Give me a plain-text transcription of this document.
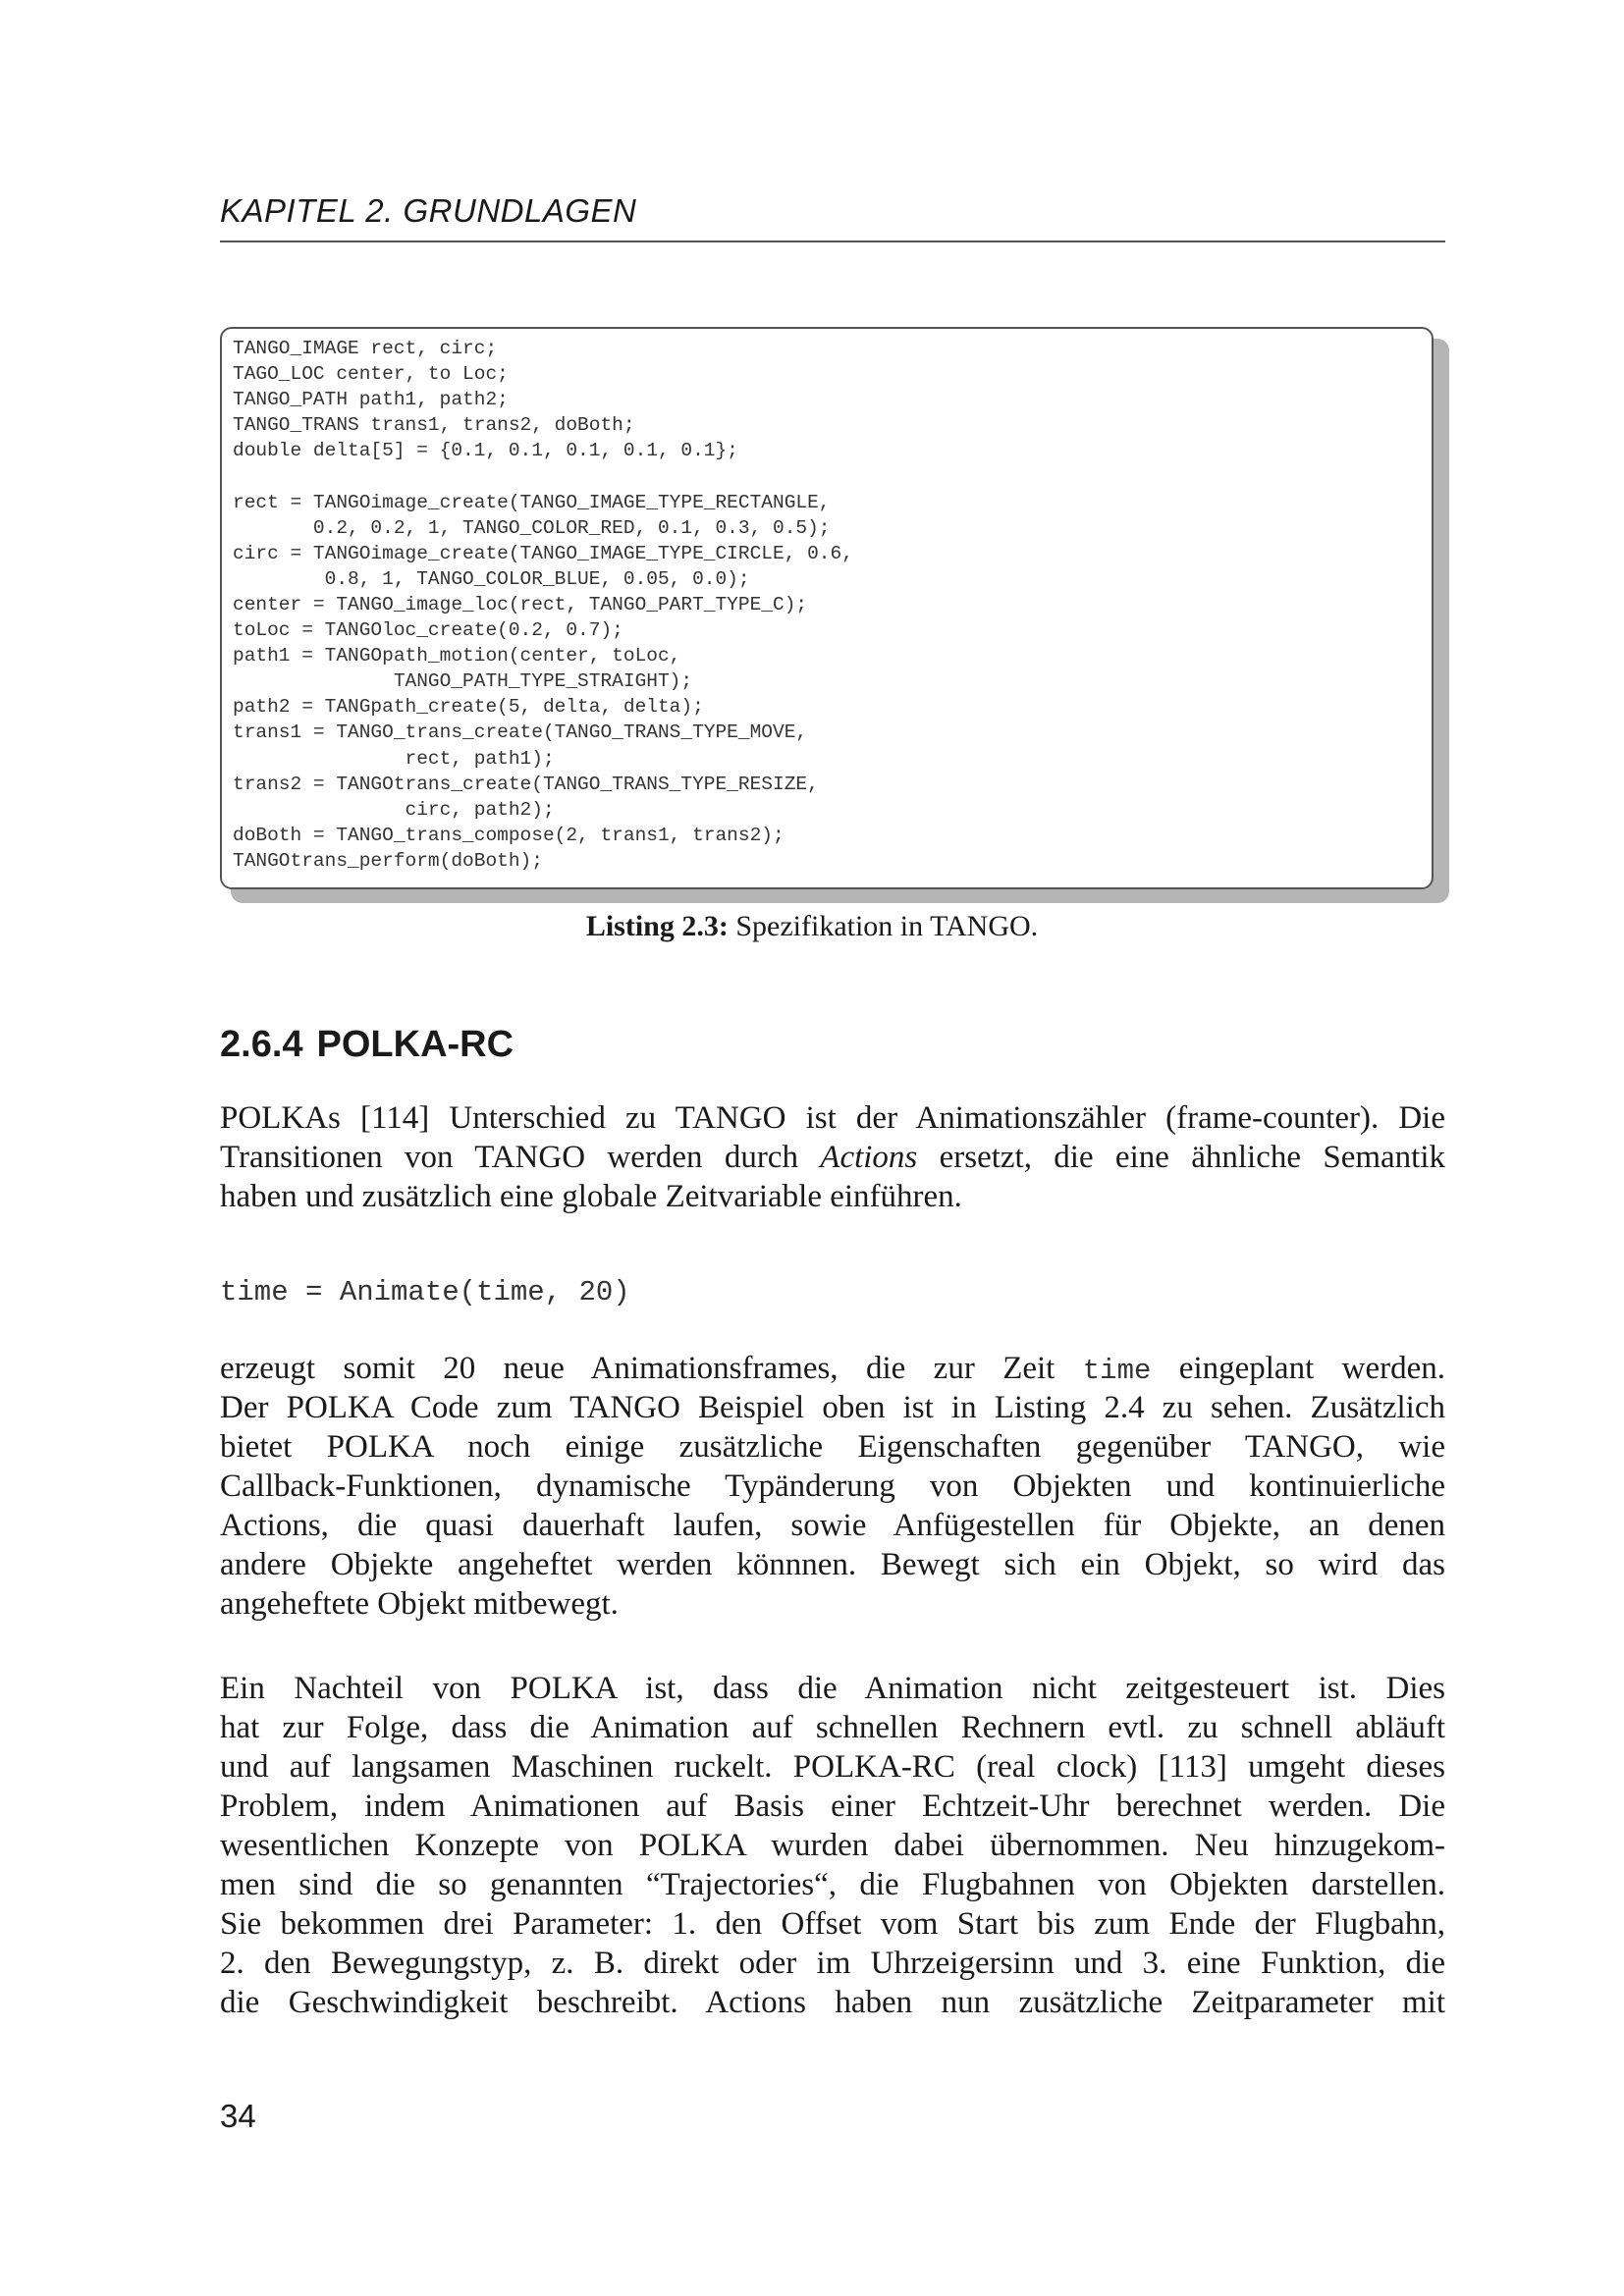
KAPITEL 2. GRUNDLAGEN
TANGO_IMAGE rect, circ;
TAGO_LOC center, to Loc;
TANGO_PATH path1, path2;
TANGO_TRANS trans1, trans2, doBoth;
double delta[5] = {0.1, 0.1, 0.1, 0.1, 0.1};

rect = TANGOimage_create(TANGO_IMAGE_TYPE_RECTANGLE,
0.2, 0.2, 1, TANGO_COLOR_RED, 0.1, 0.3, 0.5);
circ = TANGOimage_create(TANGO_IMAGE_TYPE_CIRCLE, 0.6,
0.8, 1, TANGO_COLOR_BLUE, 0.05, 0.0);
center = TANGO_image_loc(rect, TANGO_PART_TYPE_C);
toLoc = TANGOloc_create(0.2, 0.7);
path1 = TANGOpath_motion(center, toLoc,
TANGO_PATH_TYPE_STRAIGHT);
path2 = TANGpath_create(5, delta, delta);
trans1 = TANGO_trans_create(TANGO_TRANS_TYPE_MOVE,
rect, path1);
trans2 = TANGOtrans_create(TANGO_TRANS_TYPE_RESIZE,
circ, path2);
doBoth = TANGO_trans_compose(2, trans1, trans2);
TANGOtrans_perform(doBoth);
Listing 2.3: Spezifikation in TANGO.
2.6.4 POLKA-RC
POLKAs [114] Unterschied zu TANGO ist der Animationszähler (frame-counter). Die
Transitionen von TANGO werden durch Actions ersetzt, die eine ähnliche Semantik
haben und zusätzlich eine globale Zeitvariable einführen.
time = Animate(time, 20)
erzeugt somit 20 neue Animationsframes, die zur Zeit time eingeplant werden.
Der POLKA Code zum TANGO Beispiel oben ist in Listing 2.4 zu sehen. Zusätzlich
bietet POLKA noch einige zusätzliche Eigenschaften gegenüber TANGO, wie
Callback-Funktionen, dynamische Typänderung von Objekten und kontinuierliche
Actions, die quasi dauerhaft laufen, sowie Anfügestellen für Objekte, an denen
andere Objekte angeheftet werden könnnen. Bewegt sich ein Objekt, so wird das
angeheftete Objekt mitbewegt.
Ein Nachteil von POLKA ist, dass die Animation nicht zeitgesteuert ist. Dies
hat zur Folge, dass die Animation auf schnellen Rechnern evtl. zu schnell abläuft
und auf langsamen Maschinen ruckelt. POLKA-RC (real clock) [113] umgeht dieses
Problem, indem Animationen auf Basis einer Echtzeit-Uhr berechnet werden. Die
wesentlichen Konzepte von POLKA wurden dabei übernommen. Neu hinzugekom-
men sind die so genannten “Trajectories“, die Flugbahnen von Objekten darstellen.
Sie bekommen drei Parameter: 1. den Offset vom Start bis zum Ende der Flugbahn,
2. den Bewegungstyp, z. B. direkt oder im Uhrzeigersinn und 3. eine Funktion, die
die Geschwindigkeit beschreibt. Actions haben nun zusätzliche Zeitparameter mit
34
